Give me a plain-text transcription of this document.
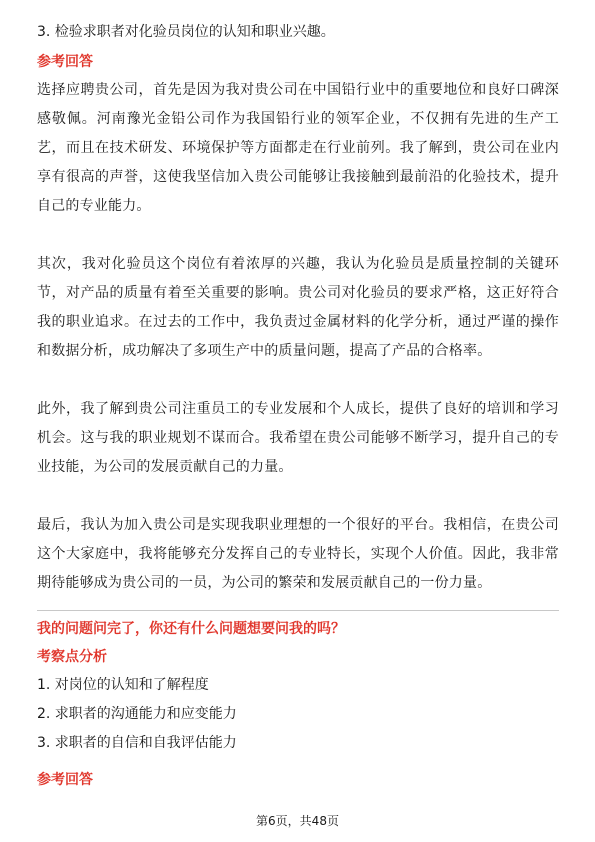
3. 检验求职者对化验员岗位的认知和职业兴趣。
参考回答
选择应聘贵公司，首先是因为我对贵公司在中国铅行业中的重要地位和良好口碑深感敬佩。河南豫光金铅公司作为我国铅行业的领军企业，不仅拥有先进的生产工艺，而且在技术研发、环境保护等方面都走在行业前列。我了解到，贵公司在业内享有很高的声誉，这使我坚信加入贵公司能够让我接触到最前沿的化验技术，提升自己的专业能力。
其次，我对化验员这个岗位有着浓厚的兴趣，我认为化验员是质量控制的关键环节，对产品的质量有着至关重要的影响。贵公司对化验员的要求严格，这正好符合我的职业追求。在过去的工作中，我负责过金属材料的化学分析，通过严谨的操作和数据分析，成功解决了多项生产中的质量问题，提高了产品的合格率。
此外，我了解到贵公司注重员工的专业发展和个人成长，提供了良好的培训和学习机会。这与我的职业规划不谋而合。我希望在贵公司能够不断学习，提升自己的专业技能，为公司的发展贡献自己的力量。
最后，我认为加入贵公司是实现我职业理想的一个很好的平台。我相信，在贵公司这个大家庭中，我将能够充分发挥自己的专业特长，实现个人价值。因此，我非常期待能够成为贵公司的一员，为公司的繁荣和发展贡献自己的一份力量。
我的问题问完了，你还有什么问题想要问我的吗？
考察点分析
1. 对岗位的认知和了解程度
2. 求职者的沟通能力和应变能力
3. 求职者的自信和自我评估能力
参考回答
第6页，共48页
